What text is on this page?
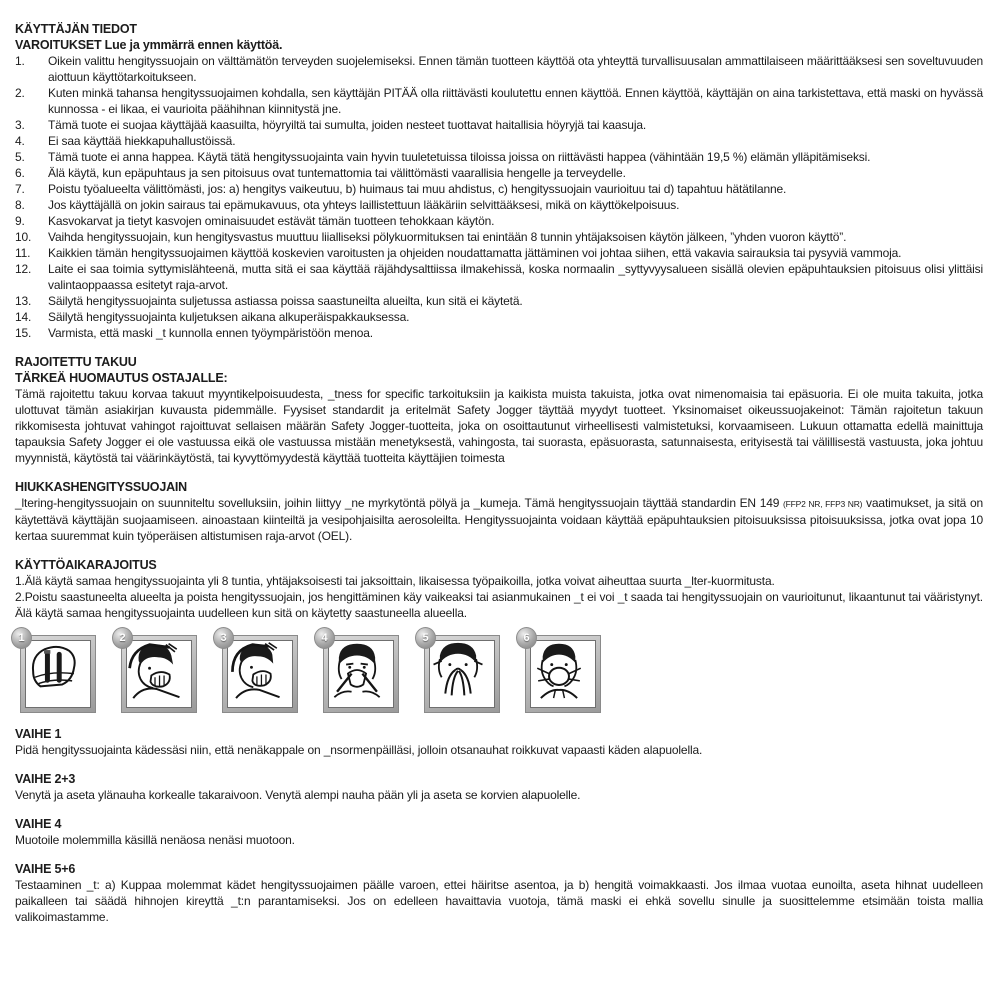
KÄYTTÄJÄN TIEDOT
VAROITUKSET Lue ja ymmärrä ennen käyttöä.
1.	Oikein valittu hengityssuojain on välttämätön terveyden suojelemiseksi. Ennen tämän tuotteen käyttöä ota yhteyttä turvallisuusalan ammattilaiseen määrittääksesi sen soveltuvuuden aiottuun käyttötarkoitukseen.
2.	Kuten minkä tahansa hengityssuojaimen kohdalla, sen käyttäjän PITÄÄ olla riittävästi koulutettu ennen käyttöä. Ennen käyttöä, käyttäjän on aina tarkistettava, että maski on hyvässä kunnossa - ei likaa, ei vaurioita päähihnan kiinnitystä jne.
3.	Tämä tuote ei suojaa käyttäjää kaasuilta, höyryiltä tai sumulta, joiden nesteet tuottavat haitallisia höyryjä tai kaasuja.
4.	Ei saa käyttää hiekkapuhallustöissä.
5.	Tämä tuote ei anna happea. Käytä tätä hengityssuojainta vain hyvin tuuletetuissa tiloissa joissa on riittävästi happea (vähintään 19,5 %) elämän ylläpitämiseksi.
6.	Älä käytä, kun epäpuhtaus ja sen pitoisuus ovat tuntemattomia tai välittömästi vaarallisia hengelle ja terveydelle.
7.	Poistu työalueelta välittömästi, jos: a) hengitys vaikeutuu, b) huimaus tai muu ahdistus, c) hengityssuojain vaurioituu tai d) tapahtuu hätätilanne.
8.	Jos käyttäjällä on jokin sairaus tai epämukavuus, ota yhteys laillistettuun lääkäriin selvittääksesi, mikä on käyttökelpoisuus.
9.	Kasvokarvat ja tietyt kasvojen ominaisuudet estävät tämän tuotteen tehokkaan käytön.
10.	Vaihda hengityssuojain, kun hengitysvastus muuttuu liialliseksi pölykuormituksen tai enintään 8 tunnin yhtäjaksoisen käytön jälkeen, ”yhden vuoron käyttö”.
11.	Kaikkien tämän hengityssuojaimen käyttöä koskevien varoitusten ja ohjeiden noudattamatta jättäminen voi johtaa siihen, että vakavia sairauksia tai pysyviä vammoja.
12.	Laite ei saa toimia syttymislähteenä, mutta sitä ei saa käyttää räjähdysalttiissa ilmakehissä, koska normaalin _syttyvyysalueen sisällä olevien epäpuhtauksien pitoisuus olisi ylittäisi valintaoppaassa esitetyt raja-arvot.
13.	Säilytä hengityssuojainta suljetussa astiassa poissa saastuneilta alueilta, kun sitä ei käytetä.
14.	Säilytä hengityssuojainta kuljetuksen aikana alkuperäispakkauksessa.
15.	Varmista, että maski _t kunnolla ennen työympäristöön menoa.
RAJOITETTU TAKUU
TÄRKEÄ HUOMAUTUS OSTAJALLE:

Tämä rajoitettu takuu korvaa takuut myyntikelpoisuudesta, _tness for specific tarkoituksiin ja kaikista muista takuista, jotka ovat nimenomaisia tai epäsuoria. Ei ole muita takuita, jotka ulottuvat tämän asiakirjan kuvausta pidemmälle. Fyysiset standardit ja eritelmät Safety Jogger täyttää myydyt tuotteet. Yksinomaiset oikeussuojakeinot: Tämän rajoitetun takuun rikkomisesta johtuvat vahingot rajoittuvat sellaisen määrän Safety Jogger-tuotteita, joka on osoittautunut virheellisesti valmistetuksi, korvaamiseen. Lukuun ottamatta edellä mainittuja tapauksia Safety Jogger ei ole vastuussa eikä ole vastuussa mistään menetyksestä, vahingosta, tai suorasta, epäsuorasta, satunnaisesta, erityisestä tai välillisestä vastuusta, joka johtuu myynnistä, käytöstä tai väärinkäytöstä, tai kyvyttömyydestä käyttää tuotteita käyttäjien toimesta

HIUKKASHENGITYSSUOJAIN

_ltering-hengityssuojain on suunniteltu sovelluksiin, joihin liittyy _ne myrkytöntä pölyä ja _kumeja. Tämä hengityssuojain täyttää standardin EN 149 (FFP2 NR, FFP3 NR) vaatimukset, ja sitä on käytettävä käyttäjän suojaamiseen. ainoastaan kiinteiltä ja vesipohjaisilta aerosoleilta. Hengityssuojainta voidaan käyttää epäpuhtauksien pitoisuuksissa pitoisuuksissa, jotka ovat jopa 10 kertaa suuremmat kuin työperäisen altistumisen raja-arvot (OEL).

KÄYTTÖAIKARAJOITUS

1.Älä käytä samaa hengityssuojainta yli 8 tuntia, yhtäjaksoisesti tai jaksoittain, likaisessa työpaikoilla, jotka voivat aiheuttaa suurta _lter-kuormitusta.

2.Poistu saastuneelta alueelta ja poista hengityssuojain, jos hengittäminen käy vaikeaksi tai asianmukainen _t ei voi _t saada tai hengityssuojain on vaurioitunut, likaantunut tai vääristynyt. Älä käytä samaa hengityssuojainta uudelleen kun sitä on käytetty saastuneella alueella.

1	2	3	4	5	6
VAIHE 1

Pidä hengityssuojainta kädessäsi niin, että nenäkappale on _nsormenpäilläsi, jolloin otsanauhat roikkuvat vapaasti käden alapuolella.

VAIHE 2+3

Venytä ja aseta ylänauha korkealle takaraivoon. Venytä alempi nauha pään yli ja aseta se korvien alapuolelle.

VAIHE 4

Muotoile molemmilla käsillä nenäosa nenäsi muotoon.

VAIHE 5+6

Testaaminen _t: a) Kuppaa molemmat kädet hengityssuojaimen päälle varoen, ettei häiritse asentoa, ja b) hengitä voimakkaasti. Jos ilmaa vuotaa eunoilta, aseta hihnat uudelleen paikalleen tai säädä hihnojen kireyttä _t:n parantamiseksi. Jos on edelleen havaittavia vuotoja, tämä maski ei ehkä sovellu sinulle ja suosittelemme etsimään toista mallia valikoimastamme.
